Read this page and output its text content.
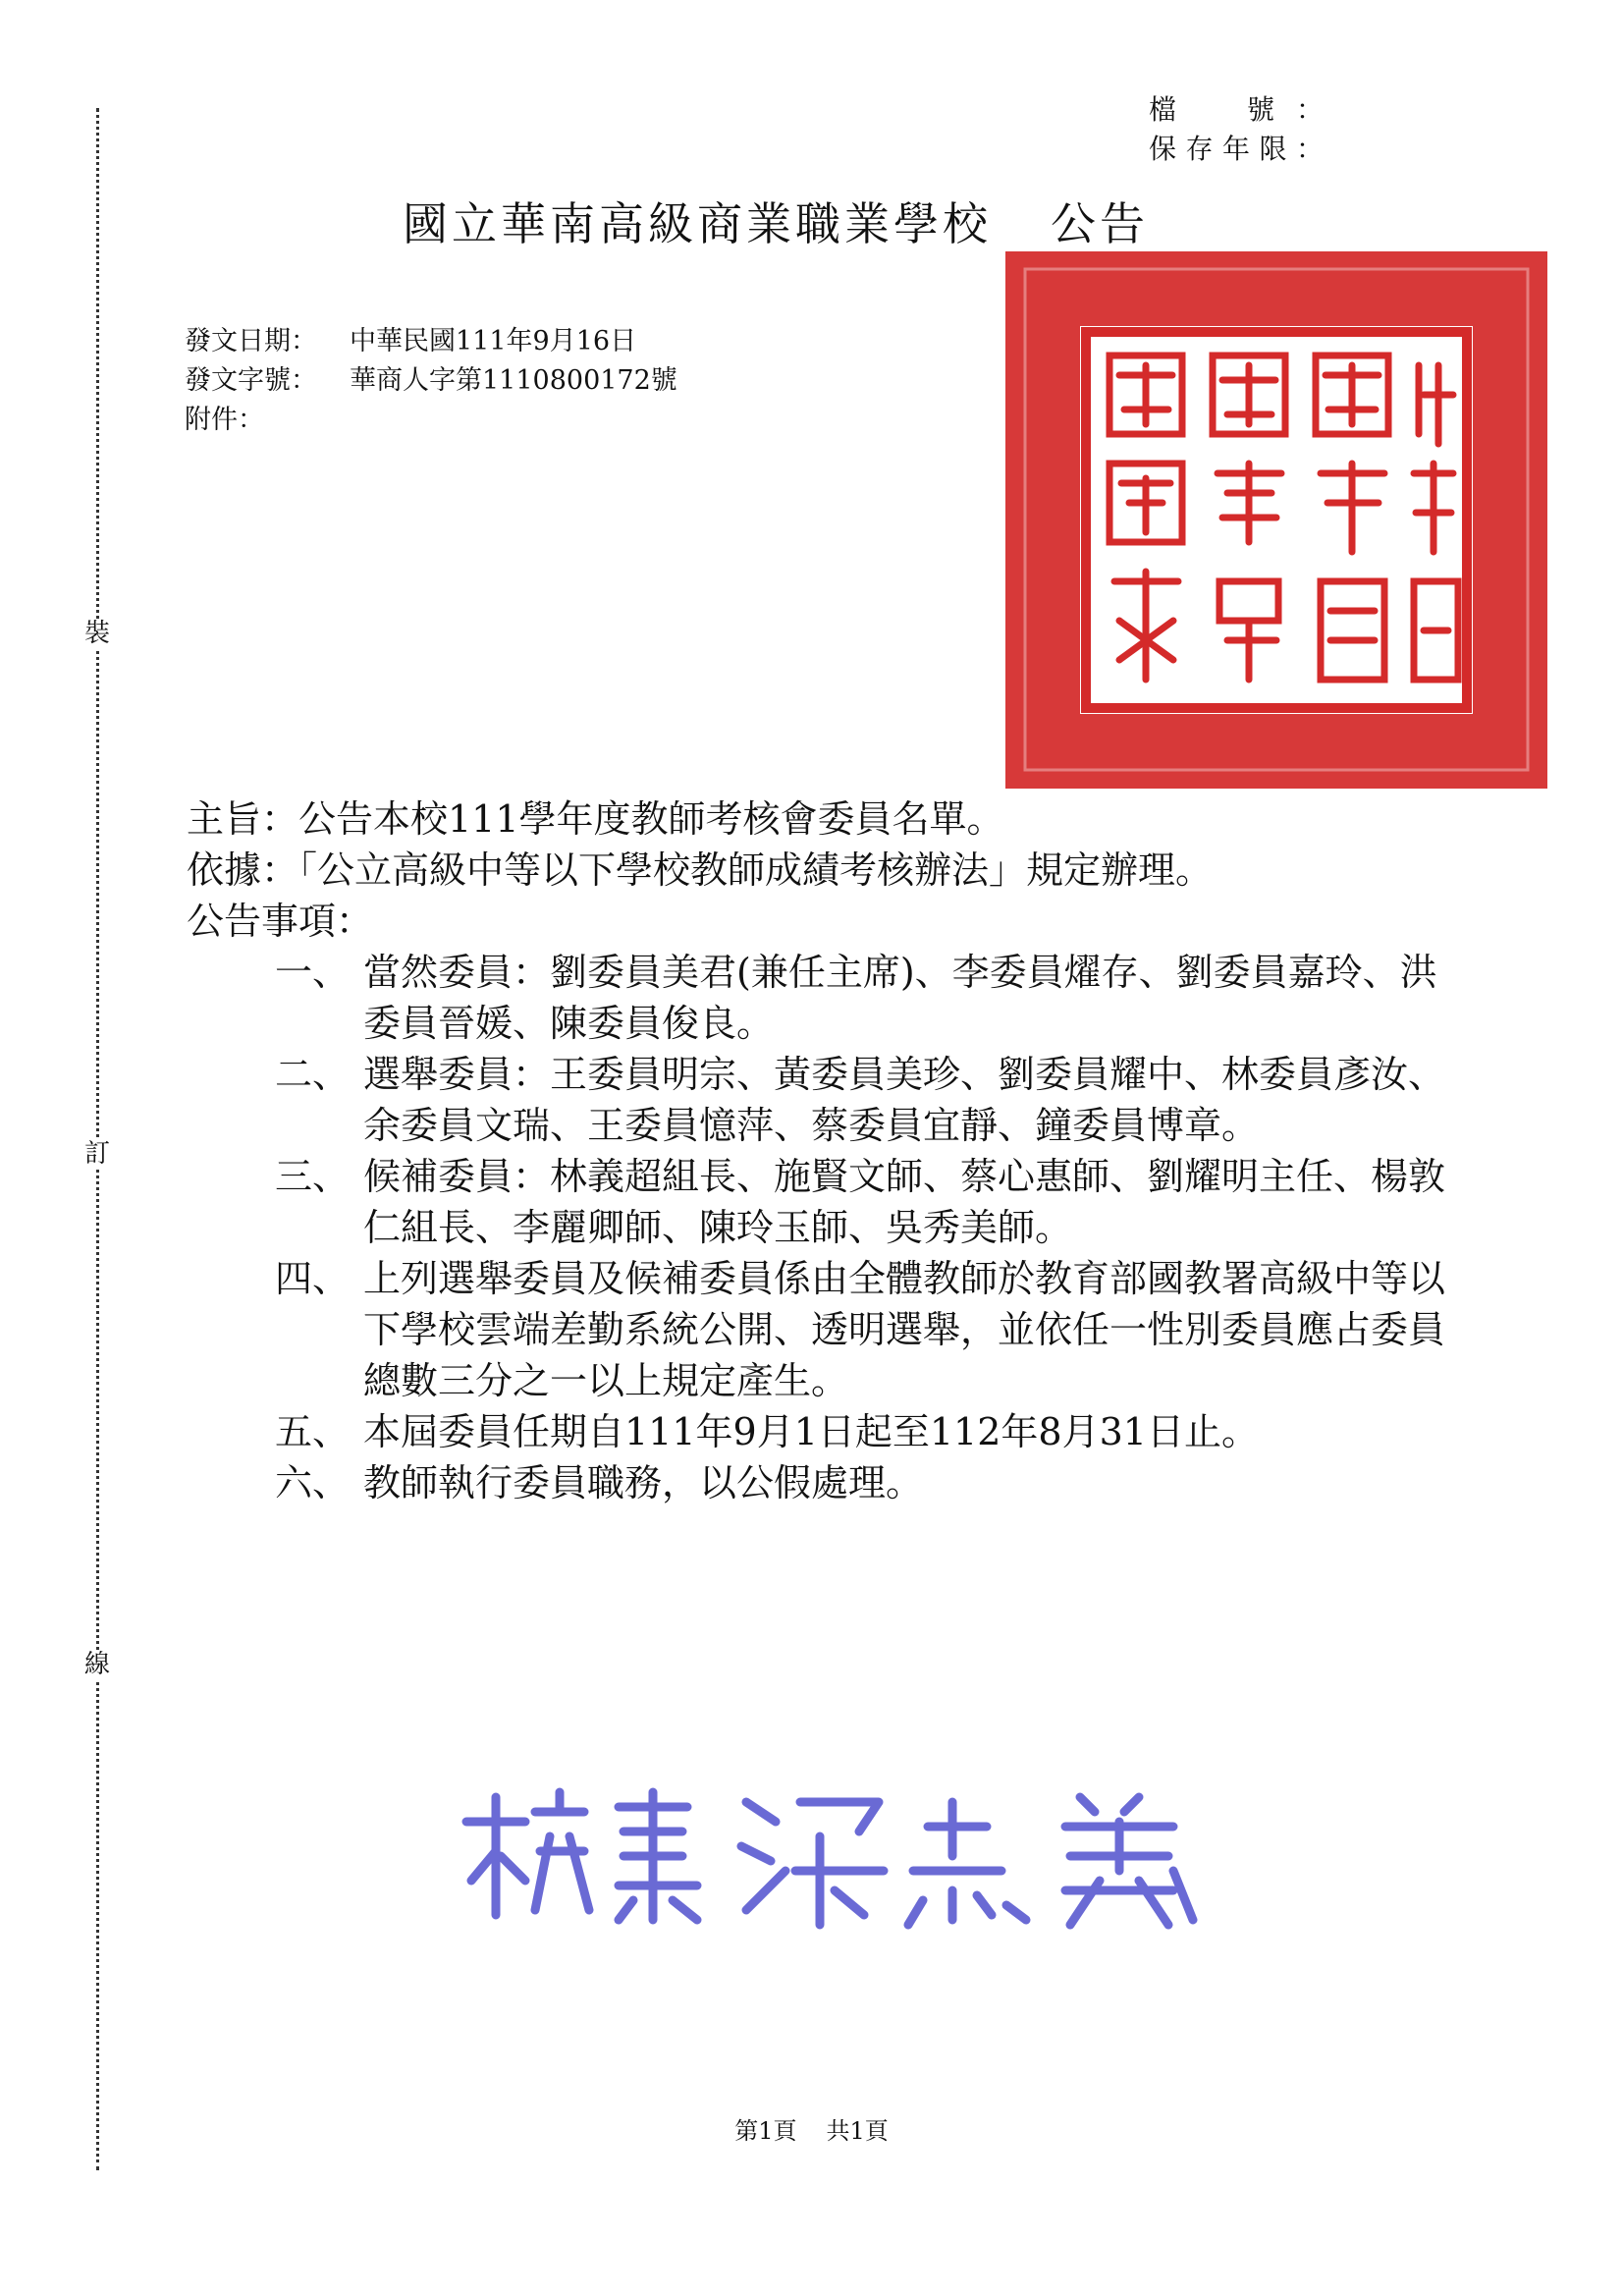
裝
訂
線
檔　號：
保存年限：
國立華南高級商業職業學校 公告
發文日期：	中華民國111年9月16日
發文字號：	華商人字第1110800172號
附件：
主旨：公告本校111學年度教師考核會委員名單。
依據：「公立高級中等以下學校教師成績考核辦法」規定辦理。
公告事項：
一、 當然委員：劉委員美君(兼任主席)、李委員燿存、劉委員嘉玲、洪委員晉媛、陳委員俊良。
二、 選舉委員：王委員明宗、黃委員美珍、劉委員耀中、林委員彥汝、余委員文瑞、王委員憶萍、蔡委員宜靜、鐘委員博章。
三、 候補委員：林義超組長、施賢文師、蔡心惠師、劉耀明主任、楊敦仁組長、李麗卿師、陳玲玉師、吳秀美師。
四、 上列選舉委員及候補委員係由全體教師於教育部國教署高級中等以下學校雲端差勤系統公開、透明選舉，並依任一性別委員應占委員總數三分之一以上規定產生。
五、 本屆委員任期自111年9月1日起至112年8月31日止。
六、 教師執行委員職務，以公假處理。
第1頁 共1頁
